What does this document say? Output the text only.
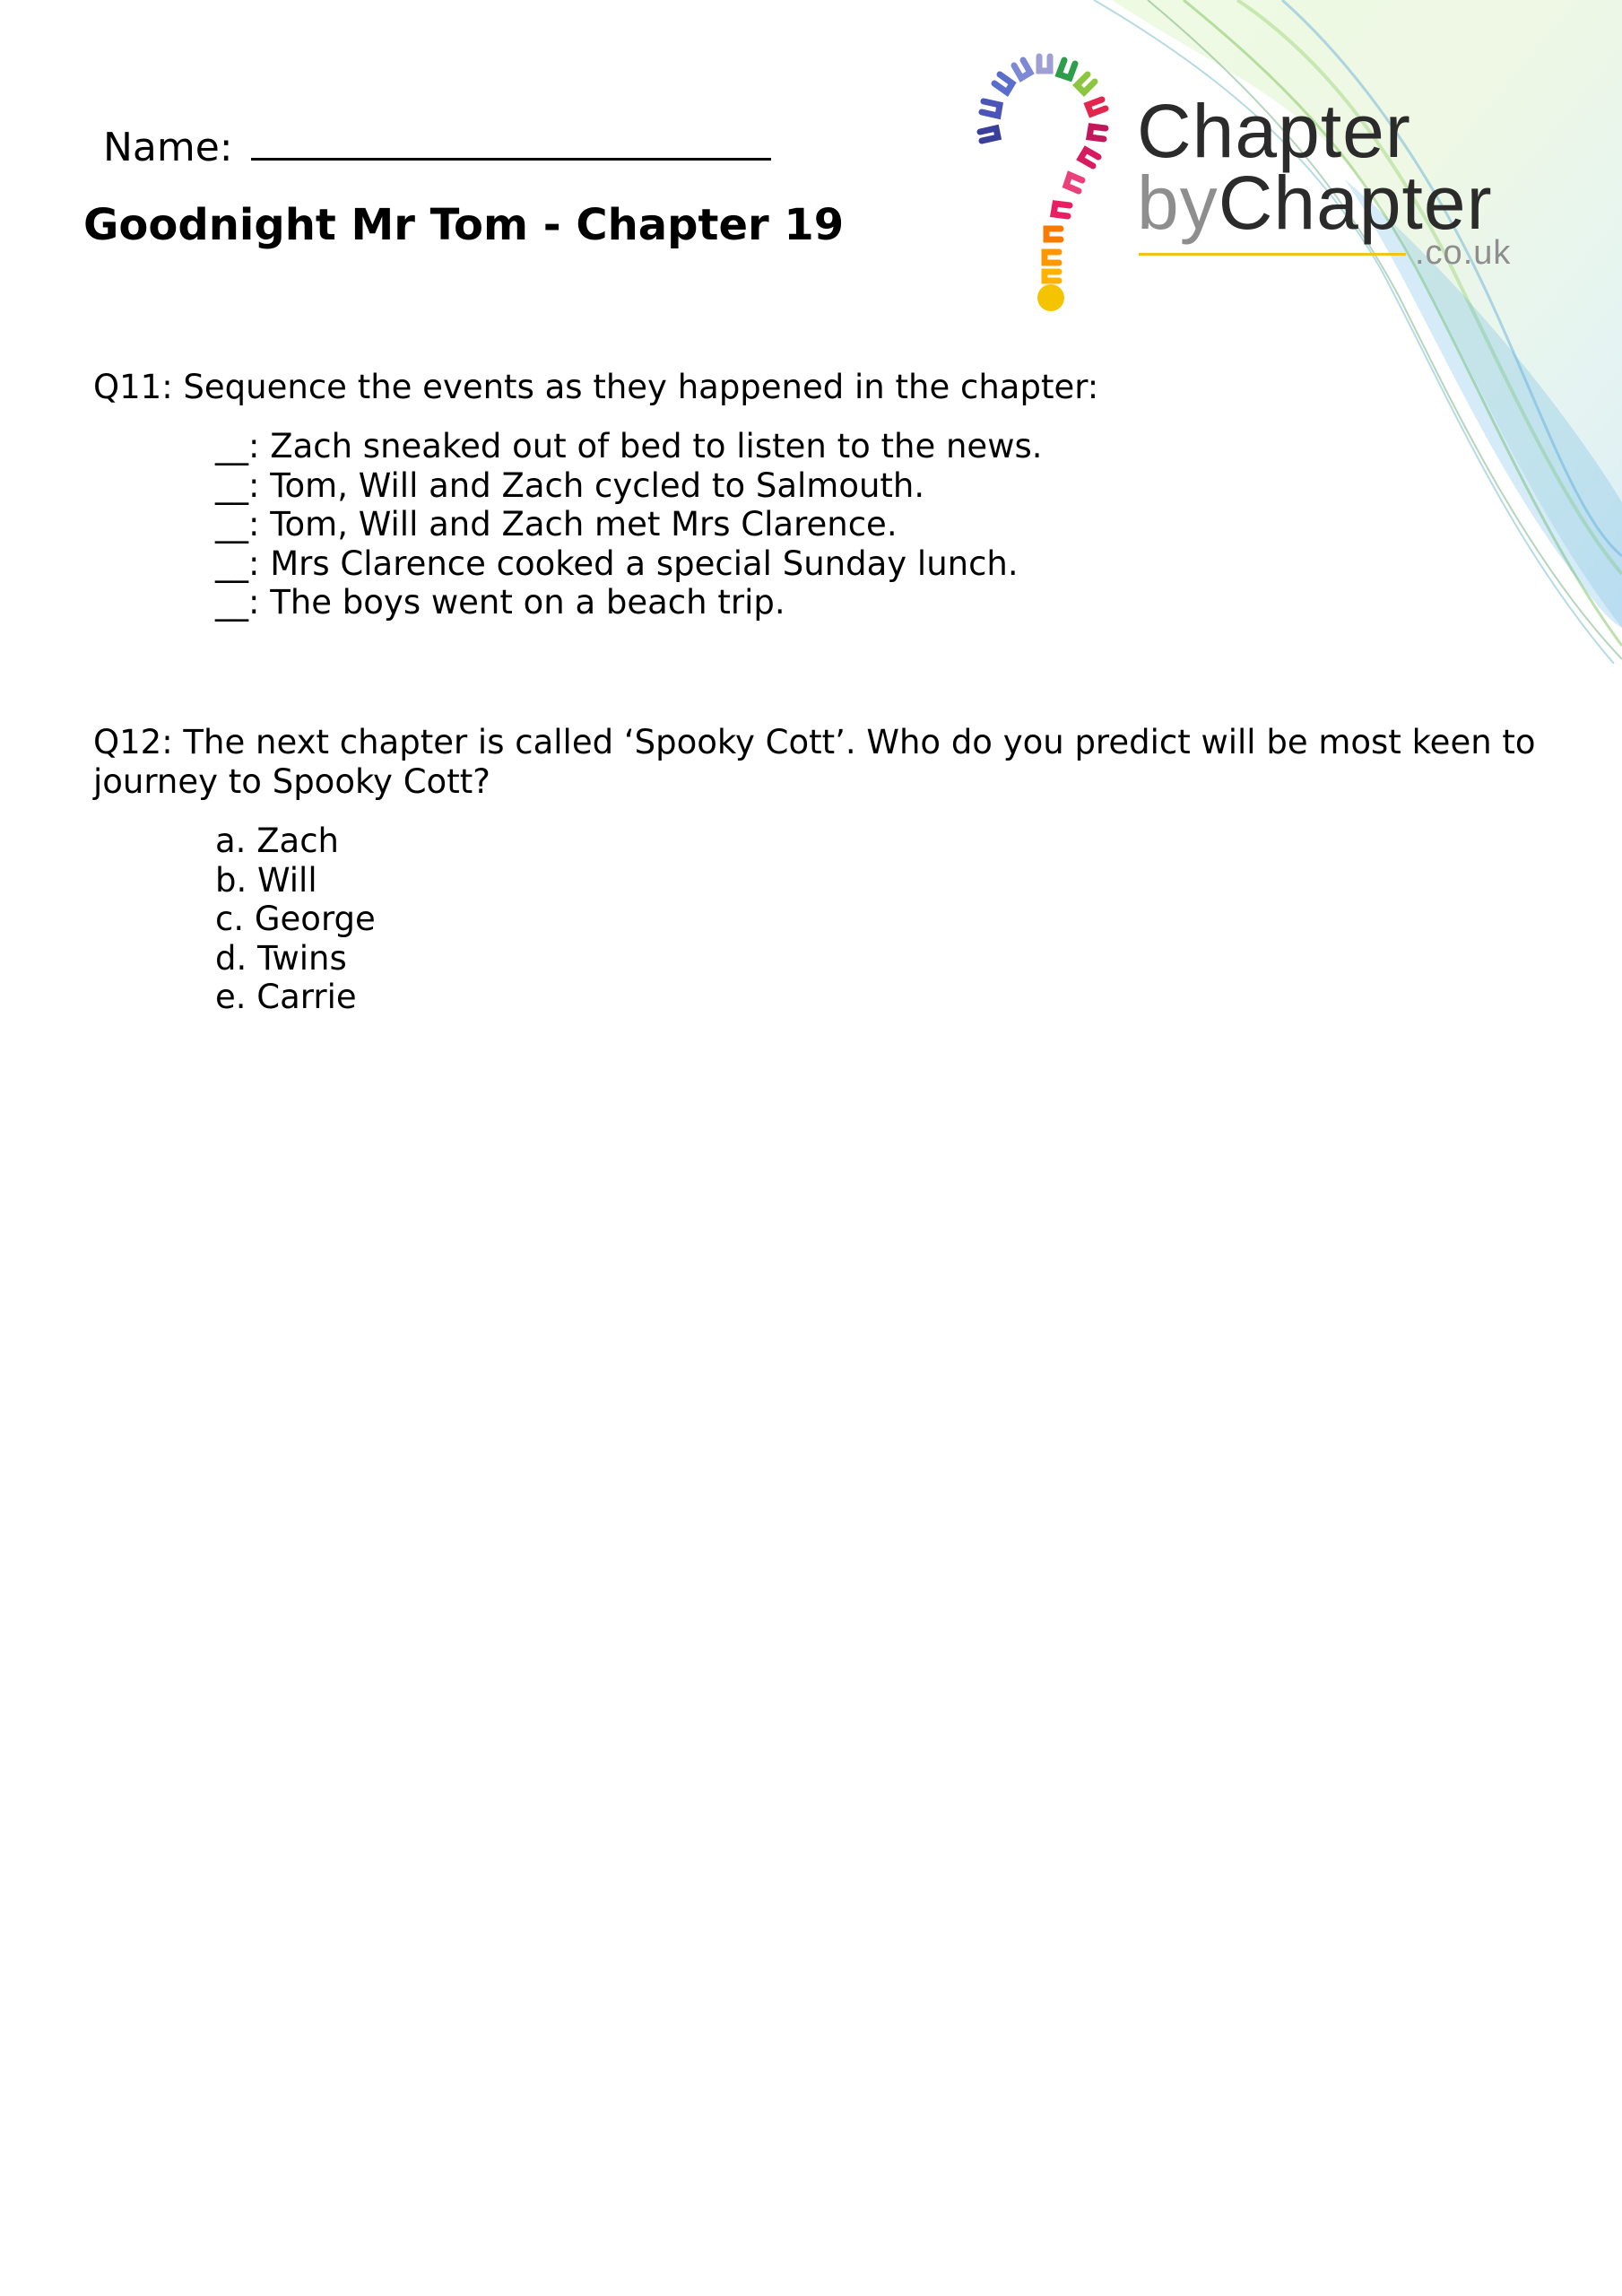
Chapter
byChapter
.co.uk
Name:
Goodnight Mr Tom - Chapter 19

Q11: Sequence the events as they happened in the chapter:

__: Zach sneaked out of bed to listen to the news.
__: Tom, Will and Zach cycled to Salmouth.
__: Tom, Will and Zach met Mrs Clarence.
__: Mrs Clarence cooked a special Sunday lunch.
__: The boys went on a beach trip.

Q12: The next chapter is called ‘Spooky Cott’. Who do you predict will be most keen to journey to Spooky Cott?

a. Zach
b. Will
c. George
d. Twins
e. Carrie
